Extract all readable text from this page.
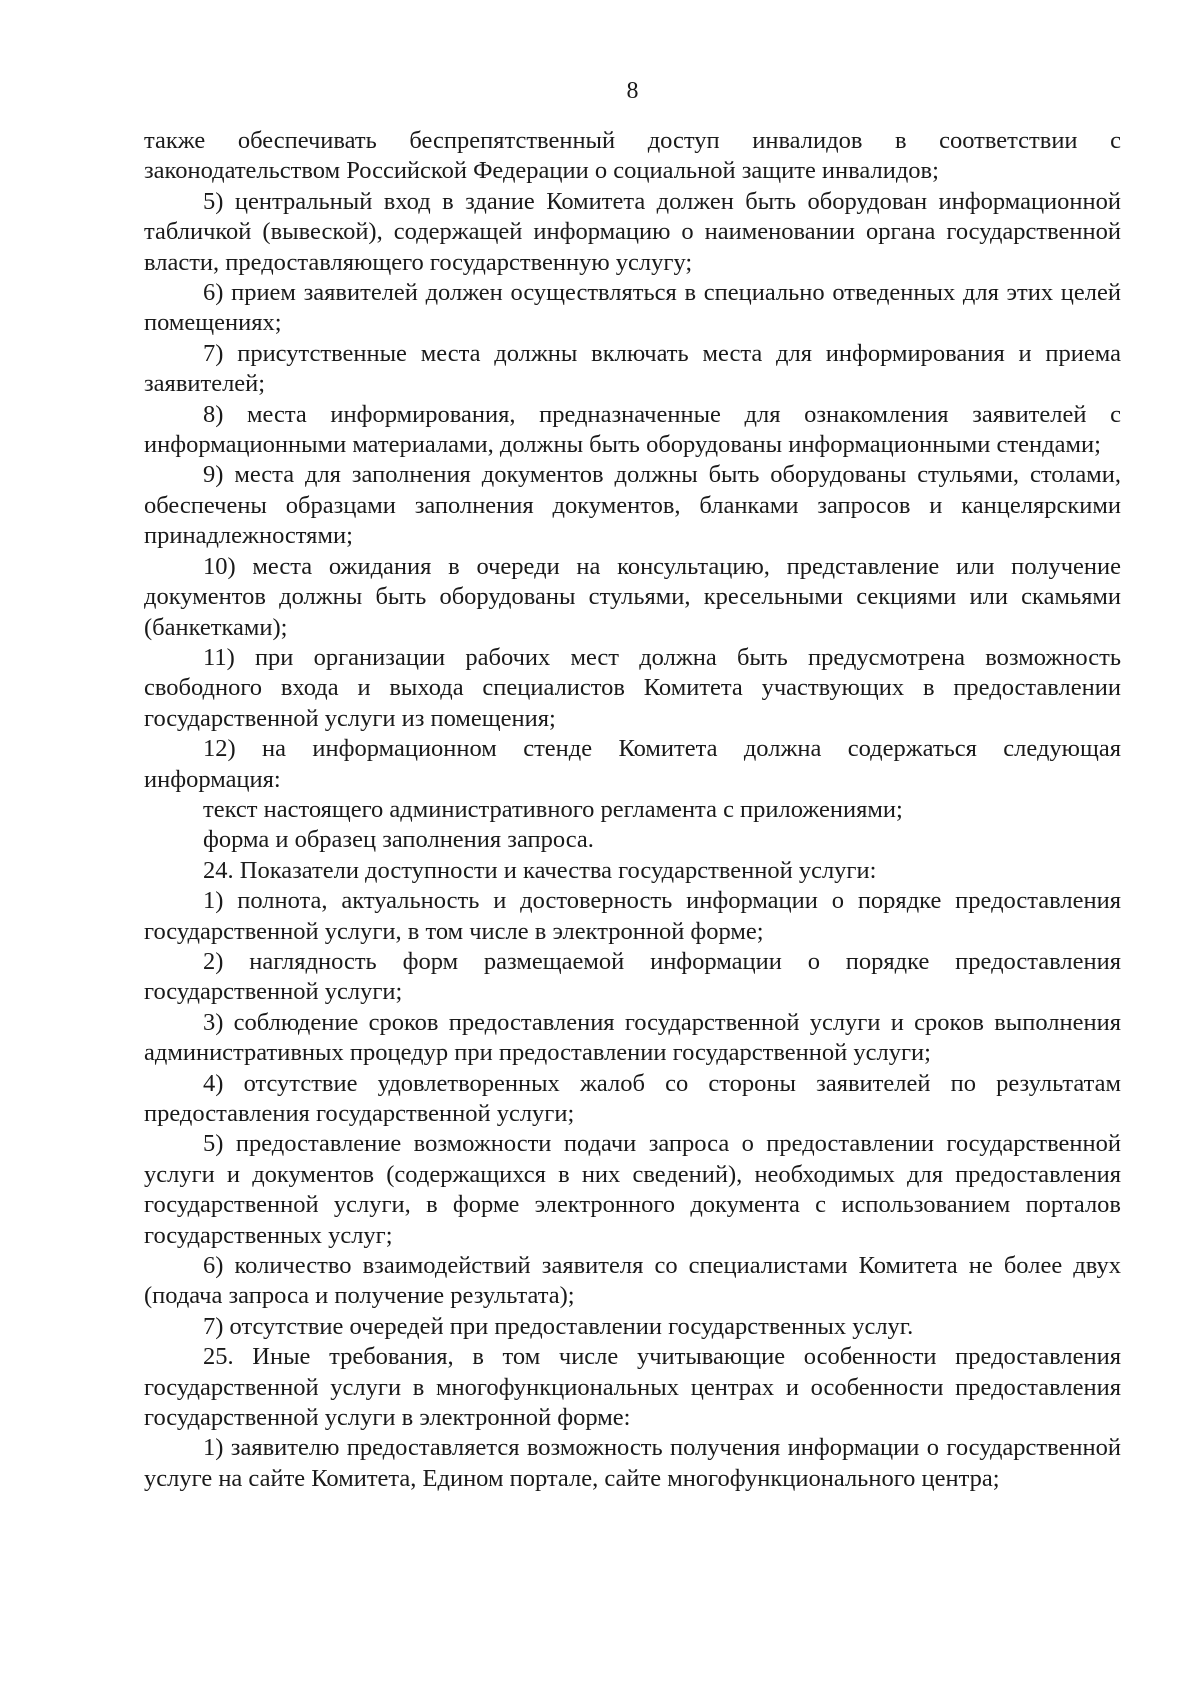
8

также обеспечивать беспрепятственный доступ инвалидов в соответствии с законодательством Российской Федерации о социальной защите инвалидов;

5) центральный вход в здание Комитета должен быть оборудован информационной табличкой (вывеской), содержащей информацию о наименовании органа государственной власти, предоставляющего государственную услугу;

6) прием заявителей должен осуществляться в специально отведенных для этих целей помещениях;

7) присутственные места должны включать места для информирования и приема заявителей;

8) места информирования, предназначенные для ознакомления заявителей с информационными материалами, должны быть оборудованы информационными стендами;

9) места для заполнения документов должны быть оборудованы стульями, столами, обеспечены образцами заполнения документов, бланками запросов и канцелярскими принадлежностями;

10) места ожидания в очереди на консультацию, представление или получение документов должны быть оборудованы стульями, кресельными секциями или скамьями (банкетками);

11) при организации рабочих мест должна быть предусмотрена возможность свободного входа и выхода специалистов Комитета участвующих в предоставлении государственной услуги из помещения;

12) на информационном стенде Комитета должна содержаться следующая информация:

текст настоящего административного регламента с приложениями;

форма и образец заполнения запроса.

24. Показатели доступности и качества государственной услуги:

1) полнота, актуальность и достоверность информации о порядке предоставления государственной услуги, в том числе в электронной форме;

2) наглядность форм размещаемой информации о порядке предоставления государственной услуги;

3) соблюдение сроков предоставления государственной услуги и сроков выполнения административных процедур при предоставлении государственной услуги;

4) отсутствие удовлетворенных жалоб со стороны заявителей по результатам предоставления государственной услуги;

5) предоставление возможности подачи запроса о предоставлении государственной услуги и документов (содержащихся в них сведений), необходимых для предоставления государственной услуги, в форме электронного документа с использованием порталов государственных услуг;

6) количество взаимодействий заявителя со специалистами Комитета не более двух (подача запроса и получение результата);

7) отсутствие очередей при предоставлении государственных услуг.

25. Иные требования, в том числе учитывающие особенности предоставления государственной услуги в многофункциональных центрах и особенности предоставления государственной услуги в электронной форме:

1) заявителю предоставляется возможность получения информации о государственной услуге на сайте Комитета, Едином портале, сайте многофункционального центра;
